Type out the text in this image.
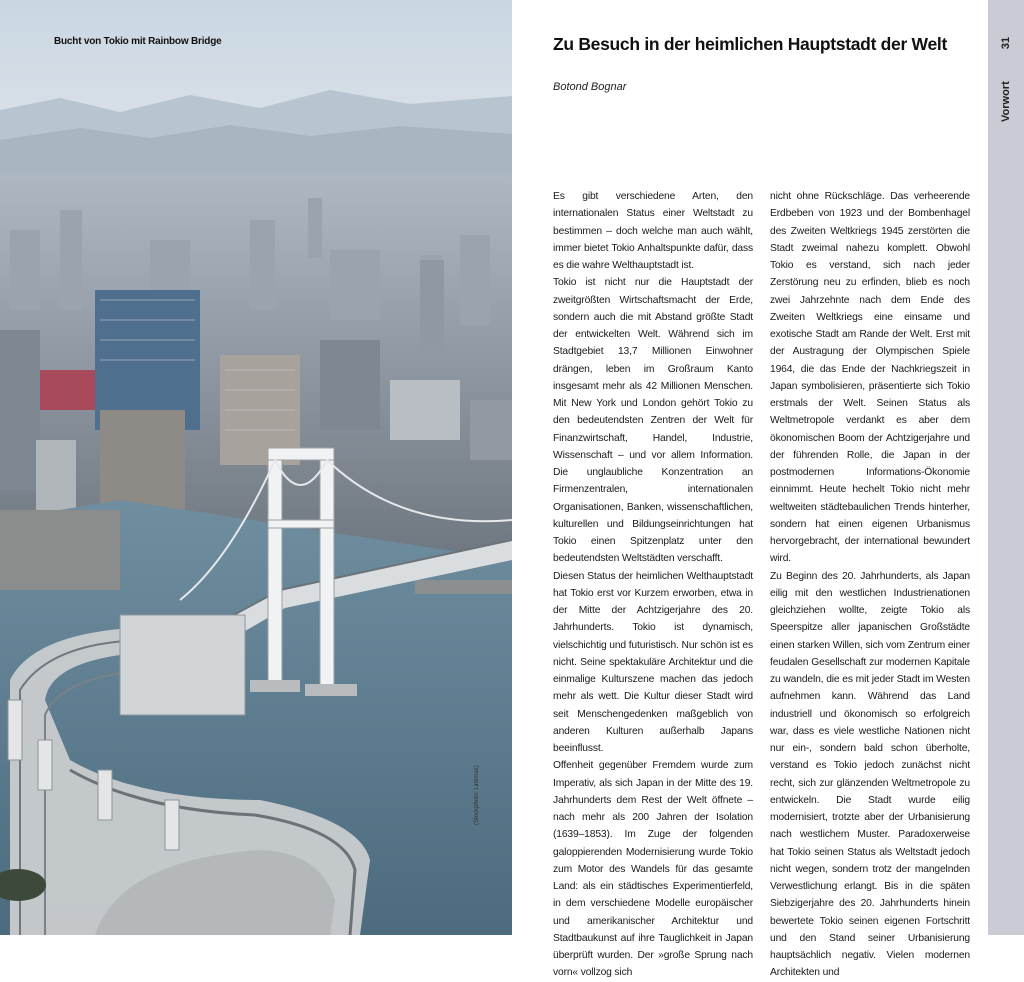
Bucht von Tokio mit Rainbow Bridge
(Stockphoto: Linkmax)
Zu Besuch in der heimlichen Hauptstadt der Welt
Botond Bognar

Es gibt verschiedene Arten, den internationalen Status einer Weltstadt zu bestimmen – doch welche man auch wählt, immer bietet Tokio Anhaltspunkte dafür, dass es die wahre Welthauptstadt ist.

Tokio ist nicht nur die Hauptstadt der zweitgrößten Wirtschaftsmacht der Erde, sondern auch die mit Abstand größte Stadt der entwickelten Welt. Während sich im Stadtgebiet 13,7 Millionen Einwohner drängen, leben im Großraum Kanto insgesamt mehr als 42 Millionen Menschen. Mit New York und London gehört Tokio zu den bedeutendsten Zentren der Welt für Finanzwirtschaft, Handel, Industrie, Wissenschaft – und vor allem Information. Die unglaubliche Konzentration an Firmenzentralen, internationalen Organisationen, Banken, wissenschaftlichen, kulturellen und Bildungseinrichtungen hat Tokio einen Spitzenplatz unter den bedeutendsten Weltstädten verschafft.

Diesen Status der heimlichen Welthauptstadt hat Tokio erst vor Kurzem erworben, etwa in der Mitte der Achtzigerjahre des 20. Jahrhunderts. Tokio ist dynamisch, vielschichtig und futuristisch. Nur schön ist es nicht. Seine spektakuläre Architektur und die einmalige Kulturszene machen das jedoch mehr als wett. Die Kultur dieser Stadt wird seit Menschengedenken maßgeblich von anderen Kulturen außerhalb Japans beeinflusst.

Offenheit gegenüber Fremdem wurde zum Imperativ, als sich Japan in der Mitte des 19. Jahrhunderts dem Rest der Welt öffnete – nach mehr als 200 Jahren der Isolation (1639–1853). Im Zuge der folgenden galoppierenden Modernisierung wurde Tokio zum Motor des Wandels für das gesamte Land: als ein städtisches Experimentierfeld, in dem verschiedene Modelle europäischer und amerikanischer Architektur und Stadtbaukunst auf ihre Tauglichkeit in Japan überprüft wurden. Der »große Sprung nach vorn« vollzog sich

nicht ohne Rückschläge. Das verheerende Erdbeben von 1923 und der Bombenhagel des Zweiten Weltkriegs 1945 zerstörten die Stadt zweimal nahezu komplett. Obwohl Tokio es verstand, sich nach jeder Zerstörung neu zu erfinden, blieb es noch zwei Jahrzehnte nach dem Ende des Zweiten Weltkriegs eine einsame und exotische Stadt am Rande der Welt. Erst mit der Austragung der Olympischen Spiele 1964, die das Ende der Nachkriegszeit in Japan symbolisieren, präsentierte sich Tokio erstmals der Welt. Seinen Status als Weltmetropole verdankt es aber dem ökonomischen Boom der Achtzigerjahre und der führenden Rolle, die Japan in der postmodernen Informations-Ökonomie einnimmt. Heute hechelt Tokio nicht mehr weltweiten städtebaulichen Trends hinterher, sondern hat einen eigenen Urbanismus hervorgebracht, der international bewundert wird.

Zu Beginn des 20. Jahrhunderts, als Japan eilig mit den westlichen Industrienationen gleichziehen wollte, zeigte Tokio als Speerspitze aller japanischen Großstädte einen starken Willen, sich vom Zentrum einer feudalen Gesellschaft zur modernen Kapitale zu wandeln, die es mit jeder Stadt im Westen aufnehmen kann. Während das Land industriell und ökonomisch so erfolgreich war, dass es viele westliche Nationen nicht nur ein-, sondern bald schon überholte, verstand es Tokio jedoch zunächst nicht recht, sich zur glänzenden Weltmetropole zu entwickeln. Die Stadt wurde eilig modernisiert, trotzte aber der Urbanisierung nach westlichem Muster. Paradoxerweise hat Tokio seinen Status als Weltstadt jedoch nicht wegen, sondern trotz der mangelnden Verwestlichung erlangt. Bis in die späten Siebzigerjahre des 20. Jahrhunderts hinein bewertete Tokio seinen eigenen Fortschritt und den Stand seiner Urbanisierung hauptsächlich negativ. Vielen modernen Architekten und

31
Vorwort
